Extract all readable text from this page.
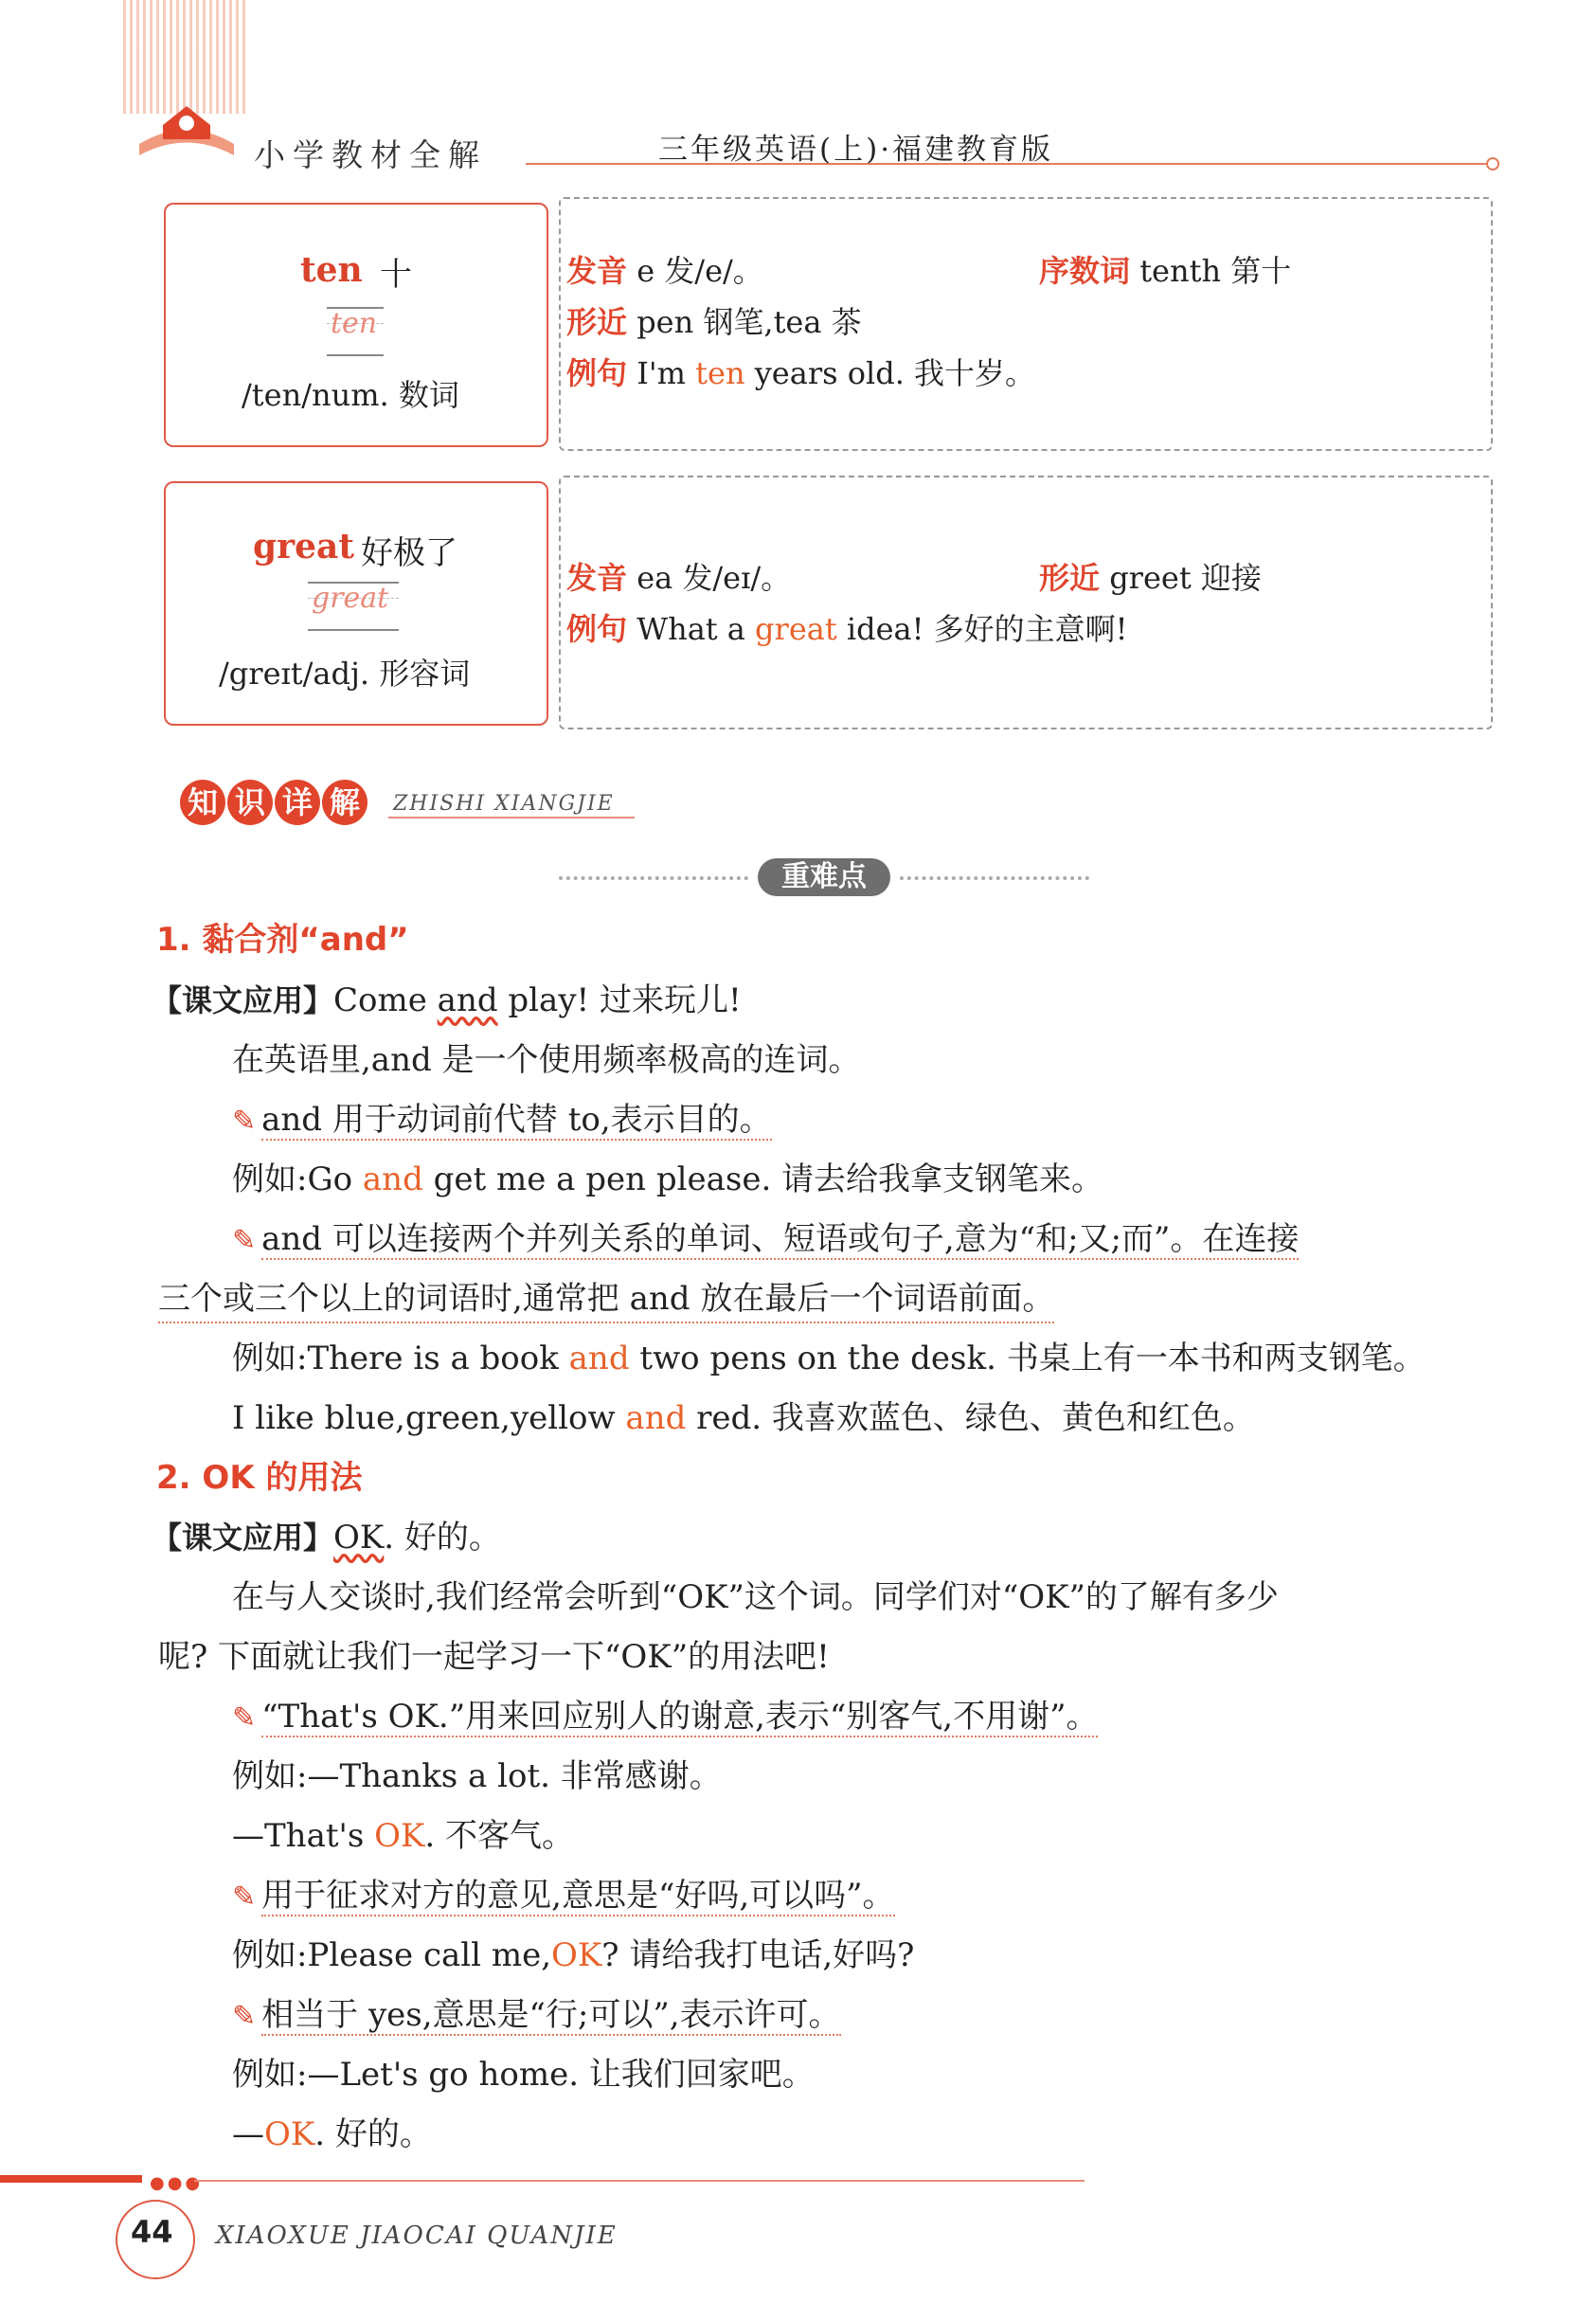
小学教材全解	三年级英语(上)·福建教育版
ten 十
ten
/ten/num. 数词
发音 e 发/e/。	序数词 tenth 第十
形近 pen 钢笔,tea 茶
例句 I'm ten years old. 我十岁。
great 好极了
great
/greɪt/adj. 形容词
发音 ea 发/eɪ/。	形近 greet 迎接
例句 What a great idea! 多好的主意啊!
知 识 详 解	ZHISHI XIANGJIE
重难点
1. 黏合剂“and”
【课文应用】Come and play! 过来玩儿!
在英语里,and 是一个使用频率极高的连词。
✎ and 用于动词前代替 to,表示目的。
例如:Go and get me a pen please. 请去给我拿支钢笔来。
✎ and 可以连接两个并列关系的单词、短语或句子,意为“和;又;而”。在连接
三个或三个以上的词语时,通常把 and 放在最后一个词语前面。
例如:There is a book and two pens on the desk. 书桌上有一本书和两支钢笔。
I like blue,green,yellow and red. 我喜欢蓝色、绿色、黄色和红色。
2. OK 的用法
【课文应用】OK. 好的。
在与人交谈时,我们经常会听到“OK”这个词。同学们对“OK”的了解有多少
呢? 下面就让我们一起学习一下“OK”的用法吧!
✎ “That's OK.”用来回应别人的谢意,表示“别客气,不用谢”。
例如:—Thanks a lot. 非常感谢。
—That's OK. 不客气。
✎ 用于征求对方的意见,意思是“好吗,可以吗”。
例如:Please call me,OK? 请给我打电话,好吗?
✎ 相当于 yes,意思是“行;可以”,表示许可。
例如:—Let's go home. 让我们回家吧。
—OK. 好的。
●●●
44 XIAOXUE JIAOCAI QUANJIE
